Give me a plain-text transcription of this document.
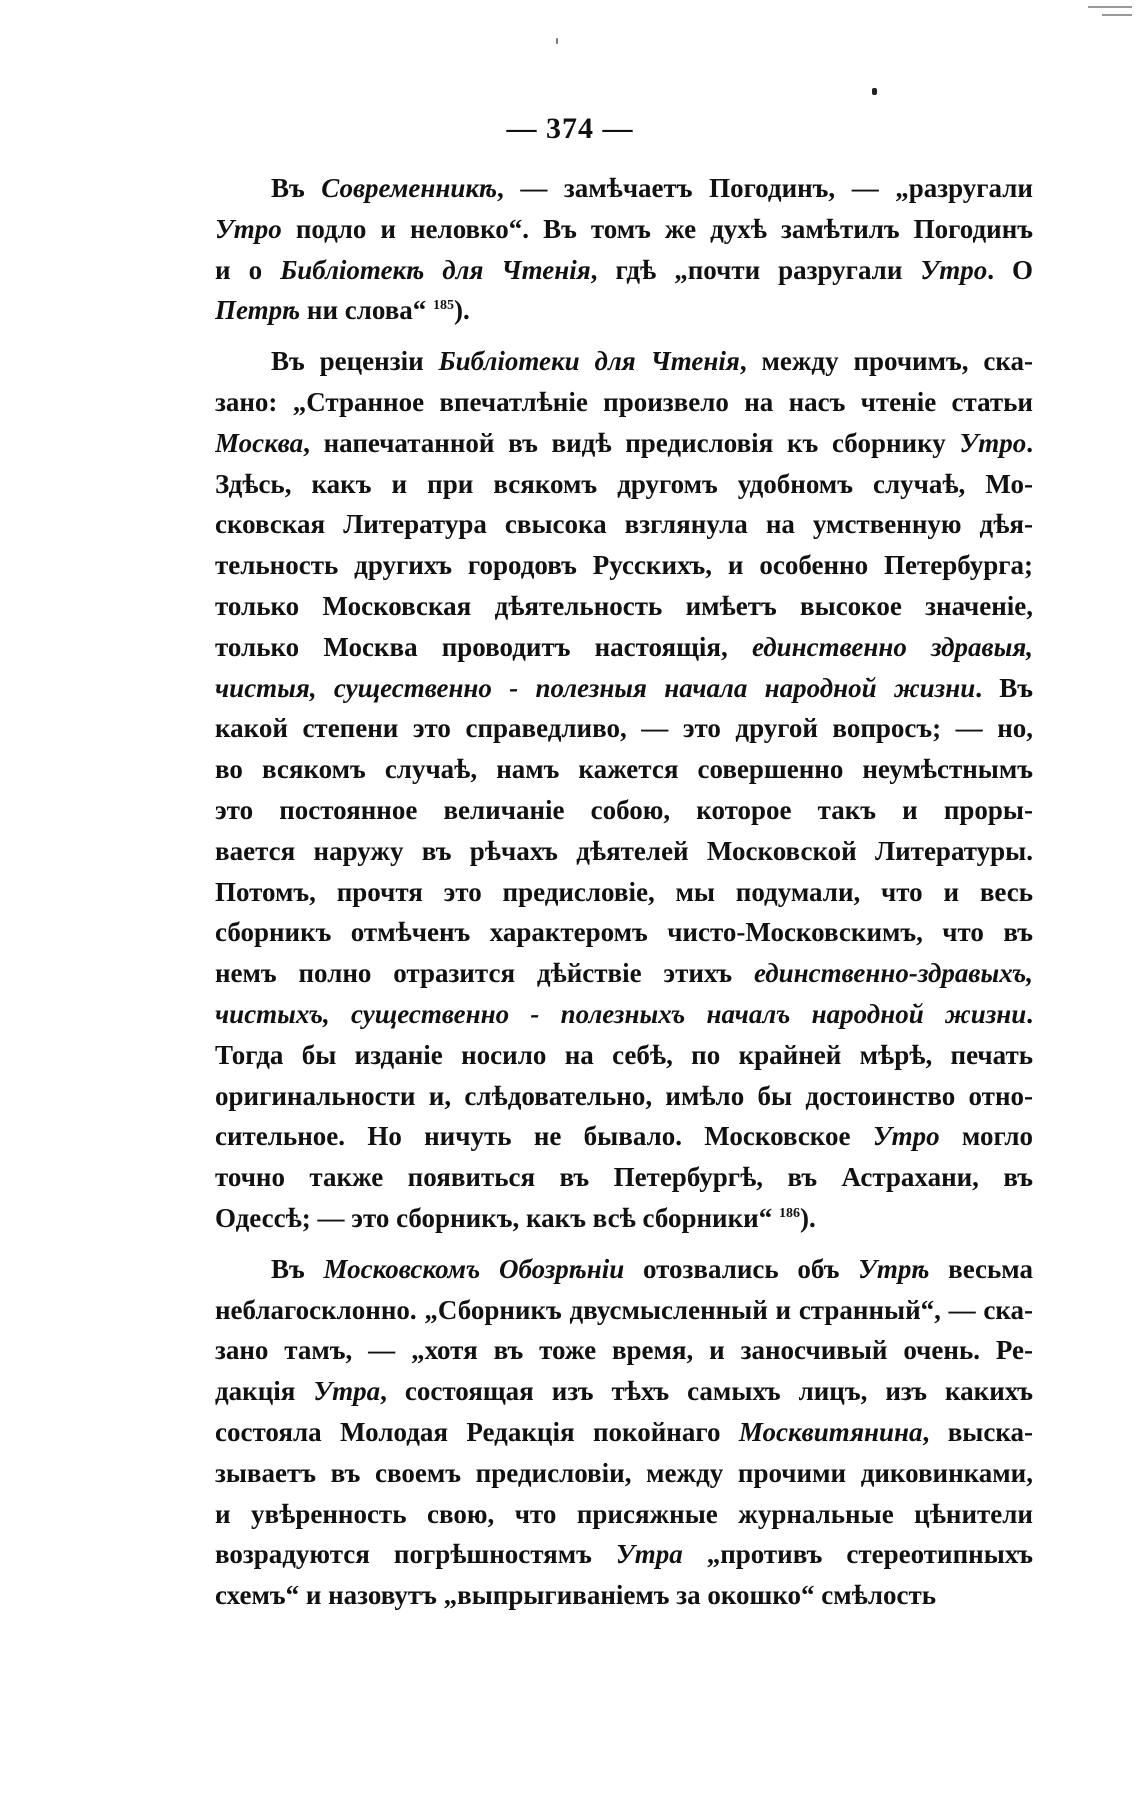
— 374 —
Въ Современникѣ, — замѣчаетъ Погодинъ, — „разругали
Утро подло и неловко“. Въ томъ же духѣ замѣтилъ Погодинъ
и о Библіотекѣ для Чтенія, гдѣ „почти разругали Утро. О
Петрѣ ни слова“ $^{185}$).
Въ рецензіи Библіотеки для Чтенія, между прочимъ, ска-
зано: „Странное впечатлѣніе произвело на насъ чтеніе статьи
Москва, напечатанной въ видѣ предисловія къ сборнику Утро.
Здѣсь, какъ и при всякомъ другомъ удобномъ случаѣ, Мо-
сковская Литература свысока взглянула на умственную дѣя-
тельность другихъ городовъ Русскихъ, и особенно Петербурга;
только Московская дѣятельность имѣетъ высокое значеніе,
только Москва проводитъ настоящія, единственно здравыя,
чистыя, существенно - полезныя начала народной жизни. Въ
какой степени это справедливо, — это другой вопросъ; — но,
во всякомъ случаѣ, намъ кажется совершенно неумѣстнымъ
это постоянное величаніе собою, которое такъ и проры-
вается наружу въ рѣчахъ дѣятелей Московской Литературы.
Потомъ, прочтя это предисловіе, мы подумали, что и весь
сборникъ отмѣченъ характеромъ чисто-Московскимъ, что въ
немъ полно отразится дѣйствіе этихъ единственно-здравыхъ,
чистыхъ, существенно - полезныхъ началъ народной жизни.
Тогда бы изданіе носило на себѣ, по крайней мѣрѣ, печать
оригинальности и, слѣдовательно, имѣло бы достоинство отно-
сительное. Но ничуть не бывало. Московское Утро могло
точно также появиться въ Петербургѣ, въ Астрахани, въ
Одессѣ; — это сборникъ, какъ всѣ сборники“ $^{186}$).
Въ Московскомъ Обозрѣніи отозвались объ Утрѣ весьма
неблагосклонно. „Сборникъ двусмысленный и странный“, — ска-
зано тамъ, — „хотя въ тоже время, и заносчивый очень. Ре-
дакція Утра, состоящая изъ тѣхъ самыхъ лицъ, изъ какихъ
состояла Молодая Редакція покойнаго Москвитянина, выска-
зываетъ въ своемъ предисловіи, между прочими диковинками,
и увѣренность свою, что присяжные журнальные цѣнители
возрадуются погрѣшностямъ Утра „противъ стереотипныхъ
схемъ“ и назовутъ „выпрыгиваніемъ за окошко“ смѣлость
